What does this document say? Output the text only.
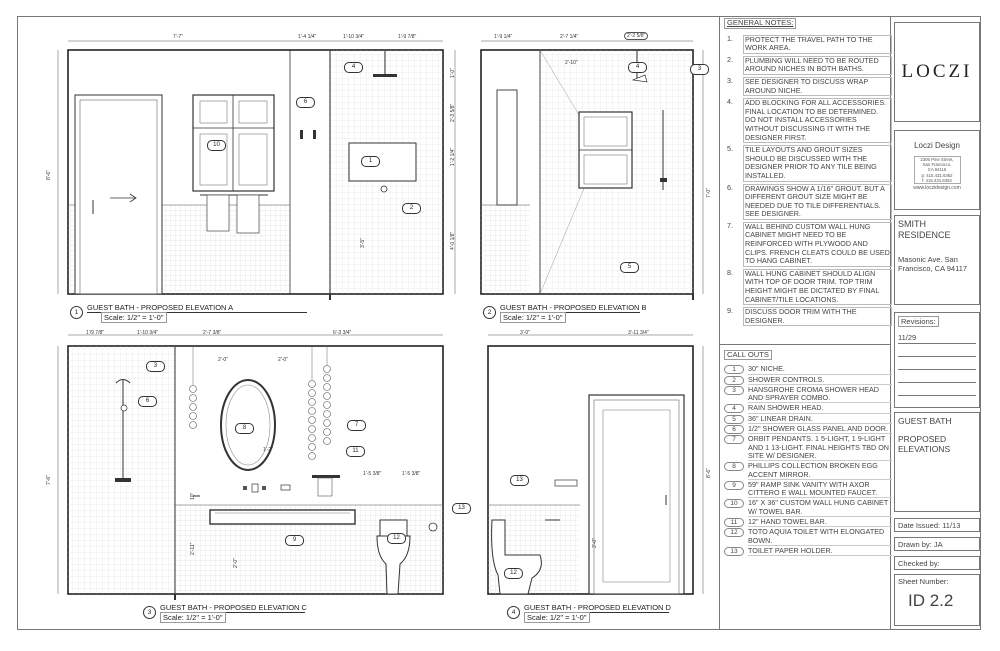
7'-7"	1'-4 1/4"	1'-10 3/4"	1'-9 7/8"
8'-6"
1'-0"
2'-3 5/8"
1'-2 1/4"
4'-0 1/8"
3'-5"
1'-9 1/4"	2'-7 1/4"	2'-2 5/8"
2'-10"
7'-0"
1'/9 7/8"	1'-10 3/4"	2'-7 3/8"	6'-3 3/4"
2'-0"	2'-0"
1'-2"
1'-5 3/8"	1'-5 3/8"
7'-6"
2'-11"
2'-0"
10"
3'-0"	3'-11 3/4"
8'-6"
3'-0"
4
6
10
1
2
4	3
5
3
6
8	7
11
9	12
13
13
12
1
GUEST BATH - PROPOSED ELEVATION A
Scale: 1/2" = 1'-0"
2
GUEST BATH - PROPOSED ELEVATION B
Scale: 1/2" = 1'-0"
3
GUEST BATH - PROPOSED ELEVATION C
Scale: 1/2" = 1'-0"
4
GUEST BATH - PROPOSED ELEVATION D
Scale: 1/2" = 1'-0"
GENERAL NOTES:
1.	PROTECT THE TRAVEL PATH TO THE WORK AREA.
2.	PLUMBING WILL NEED TO BE ROUTED AROUND NICHES IN BOTH BATHS.
3.	SEE DESIGNER TO DISCUSS WRAP AROUND NICHE.
4.	ADD BLOCKING FOR ALL ACCESSORIES. FINAL LOCATION TO BE DETERMINED. DO NOT INSTALL ACCESSORIES WITHOUT DISCUSSING IT WITH THE DESIGNER FIRST.
5.	TILE LAYOUTS AND GROUT SIZES SHOULD BE DISCUSSED WITH THE DESIGNER PRIOR TO ANY TILE BEING INSTALLED.
6.	DRAWINGS SHOW A 1/16" GROUT. BUT A DIFFERENT GROUT SIZE MIGHT BE NEEDED DUE TO TILE DIFFERENTIALS. SEE DESIGNER.
7.	WALL BEHIND CUSTOM WALL HUNG CABINET MIGHT NEED TO BE REINFORCED WITH PLYWOOD AND CLIPS. FRENCH CLEATS COULD BE USED TO HANG CABINET.
8.	WALL HUNG CABINET SHOULD ALIGN WITH TOP OF DOOR TRIM. TOP TRIM HEIGHT MIGHT BE DICTATED BY FINAL CABINET/TILE LOCATIONS.
9.	DISCUSS DOOR TRIM WITH THE DESIGNER.
CALL OUTS
1	30" NICHE.
2	SHOWER CONTROLS.
3	HANSGROHE CROMA SHOWER HEAD AND SPRAYER COMBO.
4	RAIN SHOWER HEAD.
5	36" LINEAR DRAIN.
6	1/2" SHOWER GLASS PANEL AND DOOR.
7	ORBIT PENDANTS. 1 5-LIGHT, 1 9-LIGHT AND 1 13-LIGHT. FINAL HEIGHTS TBD ON SITE W/ DESIGNER.
8	PHILLIPS COLLECTION BROKEN EGG ACCENT MIRROR.
9	59" RAMP SINK VANITY WITH AXOR CITTERO E WALL MOUNTED FAUCET.
10	16" X 36" CUSTOM WALL HUNG CABINET W/ TOWEL BAR.
11	12" HAND TOWEL BAR.
12	TOTO AQUIA TOILET WITH ELONGATED BOWN.
13	TOILET PAPER HOLDER.
LOCZI
Loczi Design
2306 Pine Street,
San Francisco,
CA 94115
p: 415.431.6362
f: 415.431.6362
www.loczidesign.com
SMITH RESIDENCE
Masonic Ave. San Francisco, CA 94117
Revisions:
11/29
GUEST BATH
PROPOSED ELEVATIONS
Date Issued: 11/13
Drawn by: JA
Checked by:
Sheet Number:
ID 2.2
